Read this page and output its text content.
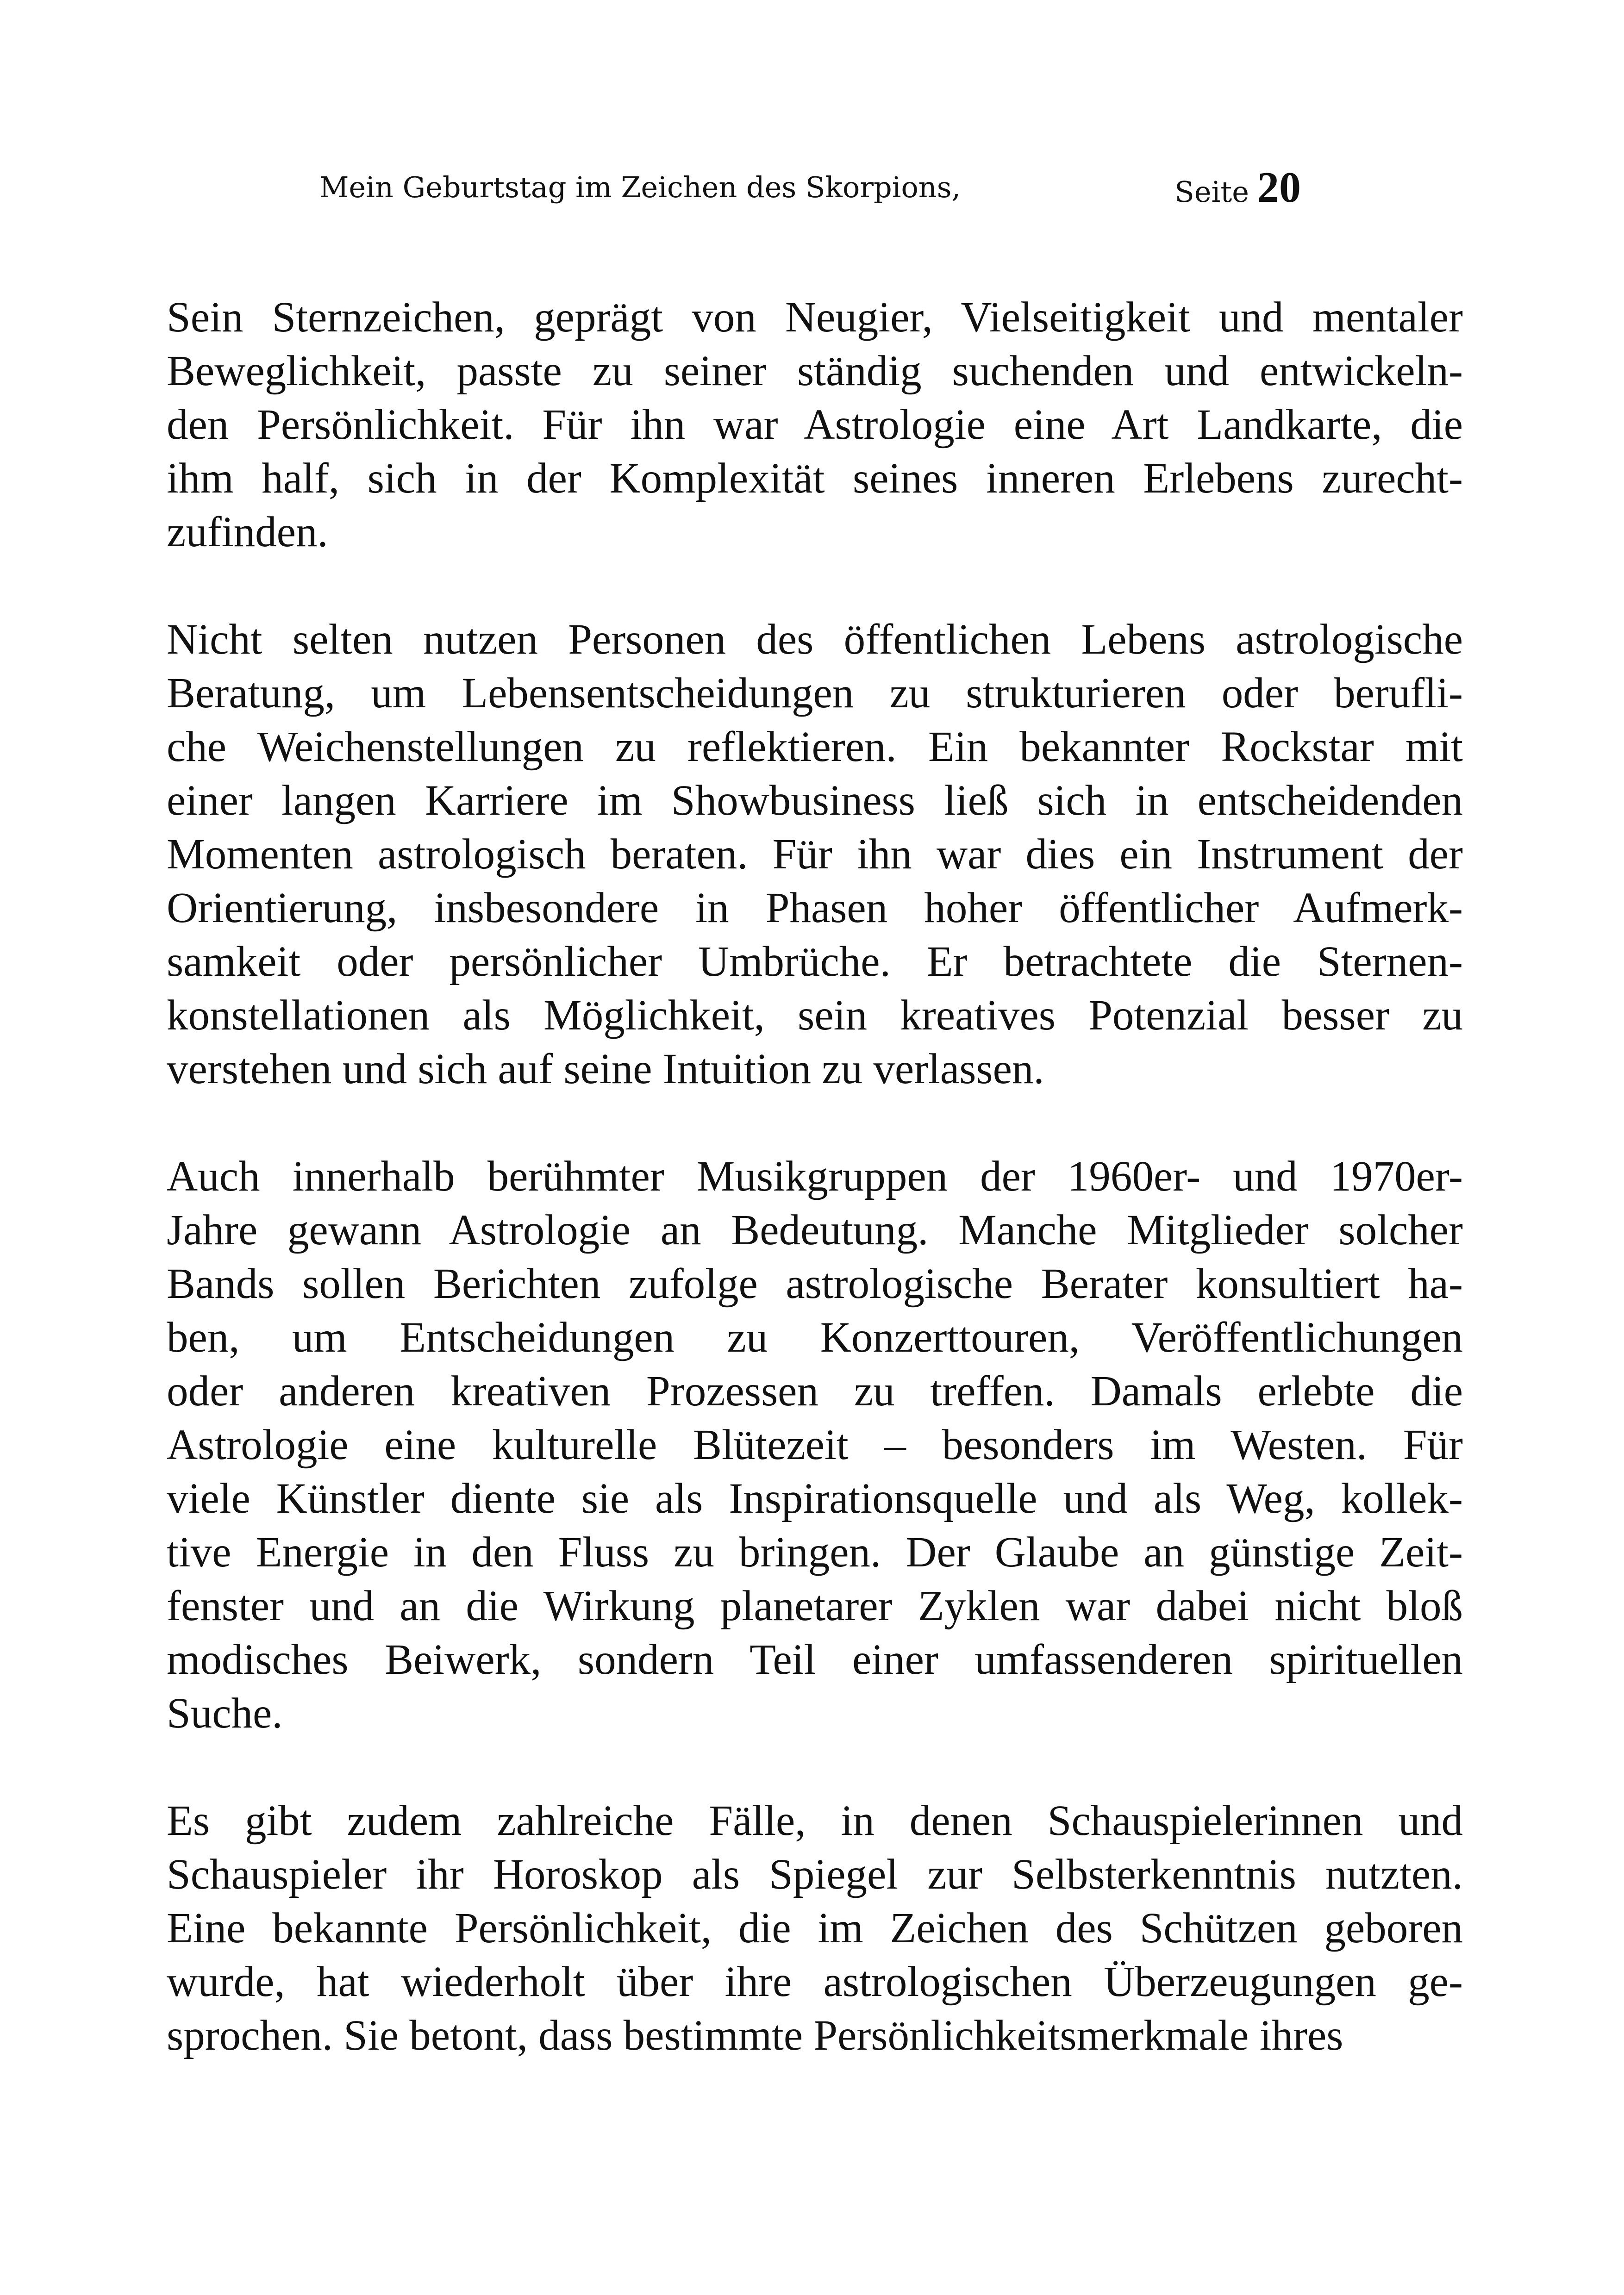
Mein Geburtstag im Zeichen des Skorpions,	Seite 20

Sein Sternzeichen, geprägt von Neugier, Vielseitigkeit und mentaler
Beweglichkeit, passte zu seiner ständig suchenden und entwickeln-
den Persönlichkeit. Für ihn war Astrologie eine Art Landkarte, die
ihm half, sich in der Komplexität seines inneren Erlebens zurecht-
zufinden.

Nicht selten nutzen Personen des öffentlichen Lebens astrologische
Beratung, um Lebensentscheidungen zu strukturieren oder berufli-
che Weichenstellungen zu reflektieren. Ein bekannter Rockstar mit
einer langen Karriere im Showbusiness ließ sich in entscheidenden
Momenten astrologisch beraten. Für ihn war dies ein Instrument der
Orientierung, insbesondere in Phasen hoher öffentlicher Aufmerk-
samkeit oder persönlicher Umbrüche. Er betrachtete die Sternen-
konstellationen als Möglichkeit, sein kreatives Potenzial besser zu
verstehen und sich auf seine Intuition zu verlassen.

Auch innerhalb berühmter Musikgruppen der 1960er- und 1970er-
Jahre gewann Astrologie an Bedeutung. Manche Mitglieder solcher
Bands sollen Berichten zufolge astrologische Berater konsultiert ha-
ben, um Entscheidungen zu Konzerttouren, Veröffentlichungen
oder anderen kreativen Prozessen zu treffen. Damals erlebte die
Astrologie eine kulturelle Blütezeit – besonders im Westen. Für
viele Künstler diente sie als Inspirationsquelle und als Weg, kollek-
tive Energie in den Fluss zu bringen. Der Glaube an günstige Zeit-
fenster und an die Wirkung planetarer Zyklen war dabei nicht bloß
modisches Beiwerk, sondern Teil einer umfassenderen spirituellen
Suche.

Es gibt zudem zahlreiche Fälle, in denen Schauspielerinnen und
Schauspieler ihr Horoskop als Spiegel zur Selbsterkenntnis nutzten.
Eine bekannte Persönlichkeit, die im Zeichen des Schützen geboren
wurde, hat wiederholt über ihre astrologischen Überzeugungen ge-
sprochen. Sie betont, dass bestimmte Persönlichkeitsmerkmale ihres
